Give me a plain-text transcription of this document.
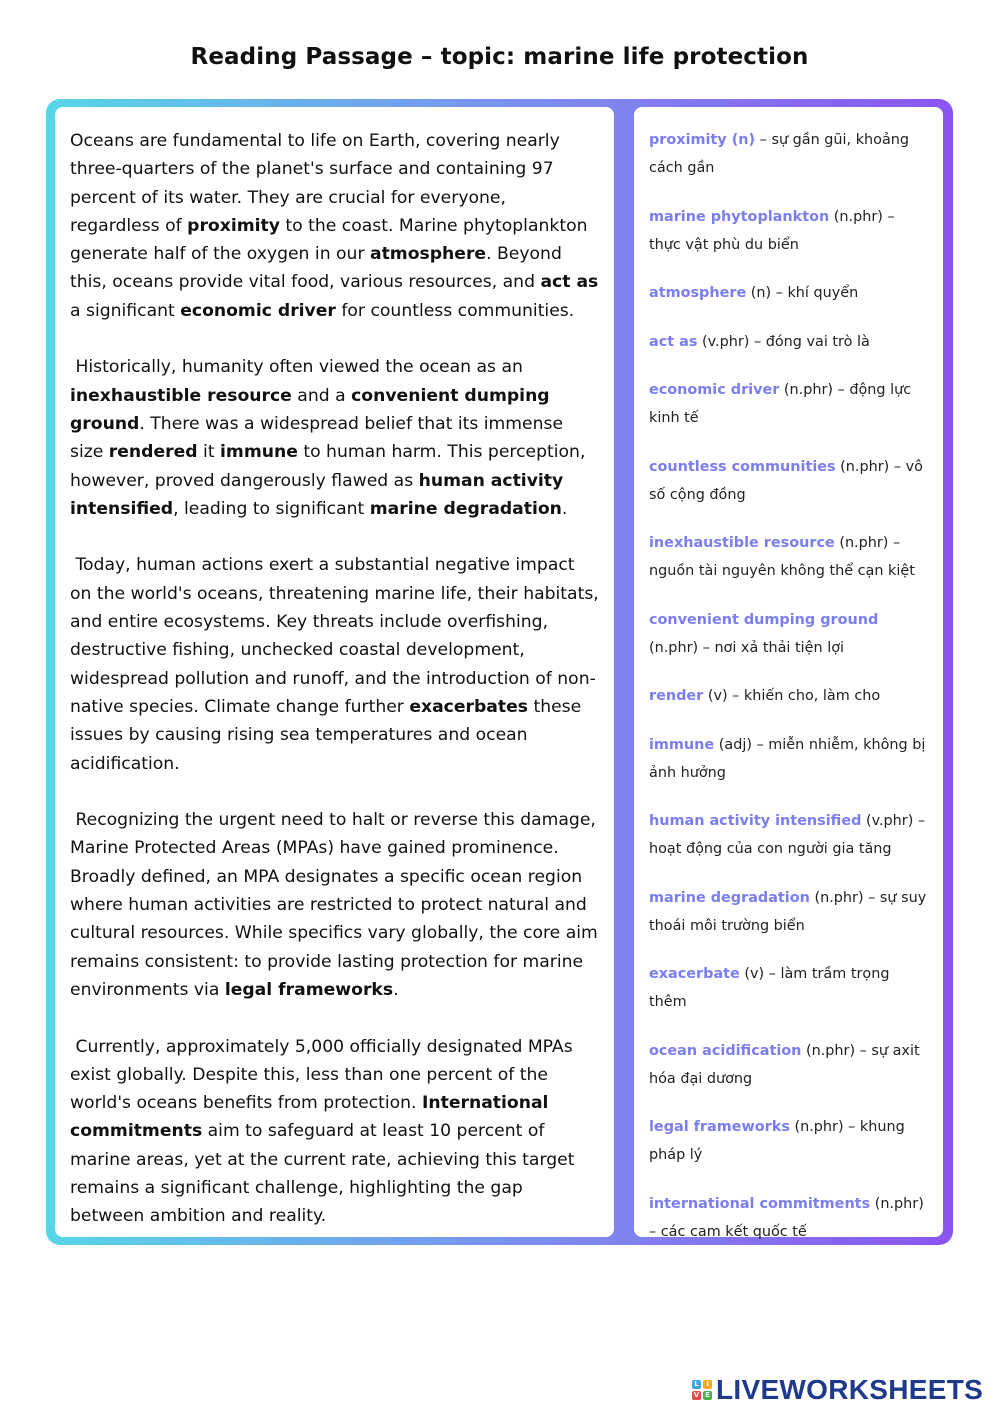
Reading Passage – topic: marine life protection

Oceans are fundamental to life on Earth, covering nearly three-quarters of the planet's surface and containing 97 percent of its water. They are crucial for everyone, regardless of proximity to the coast. Marine phytoplankton generate half of the oxygen in our atmosphere. Beyond this, oceans provide vital food, various resources, and act as a significant economic driver for countless communities.

Historically, humanity often viewed the ocean as an inexhaustible resource and a convenient dumping ground. There was a widespread belief that its immense size rendered it immune to human harm. This perception, however, proved dangerously flawed as human activity intensified, leading to significant marine degradation.

Today, human actions exert a substantial negative impact on the world's oceans, threatening marine life, their habitats, and entire ecosystems. Key threats include overfishing, destructive fishing, unchecked coastal development, widespread pollution and runoff, and the introduction of non-native species. Climate change further exacerbates these issues by causing rising sea temperatures and ocean acidification.

Recognizing the urgent need to halt or reverse this damage, Marine Protected Areas (MPAs) have gained prominence. Broadly defined, an MPA designates a specific ocean region where human activities are restricted to protect natural and cultural resources. While specifics vary globally, the core aim remains consistent: to provide lasting protection for marine environments via legal frameworks.

Currently, approximately 5,000 officially designated MPAs exist globally. Despite this, less than one percent of the world's oceans benefits from protection. International commitments aim to safeguard at least 10 percent of marine areas, yet at the current rate, achieving this target remains a significant challenge, highlighting the gap between ambition and reality.

proximity (n) – sự gần gũi, khoảng cách gần
marine phytoplankton (n.phr) – thực vật phù du biển
atmosphere (n) – khí quyển
act as (v.phr) – đóng vai trò là
economic driver (n.phr) – động lực kinh tế
countless communities (n.phr) – vô số cộng đồng
inexhaustible resource (n.phr) – nguồn tài nguyên không thể cạn kiệt
convenient dumping ground (n.phr) – nơi xả thải tiện lợi
render (v) – khiến cho, làm cho
immune (adj) – miễn nhiễm, không bị ảnh hưởng
human activity intensified (v.phr) – hoạt động của con người gia tăng
marine degradation (n.phr) – sự suy thoái môi trường biển
exacerbate (v) – làm trầm trọng thêm
ocean acidification (n.phr) – sự axit hóa đại dương
legal frameworks (n.phr) – khung pháp lý
international commitments (n.phr) – các cam kết quốc tế
L	I
V E LIVEWORKSHEETS
